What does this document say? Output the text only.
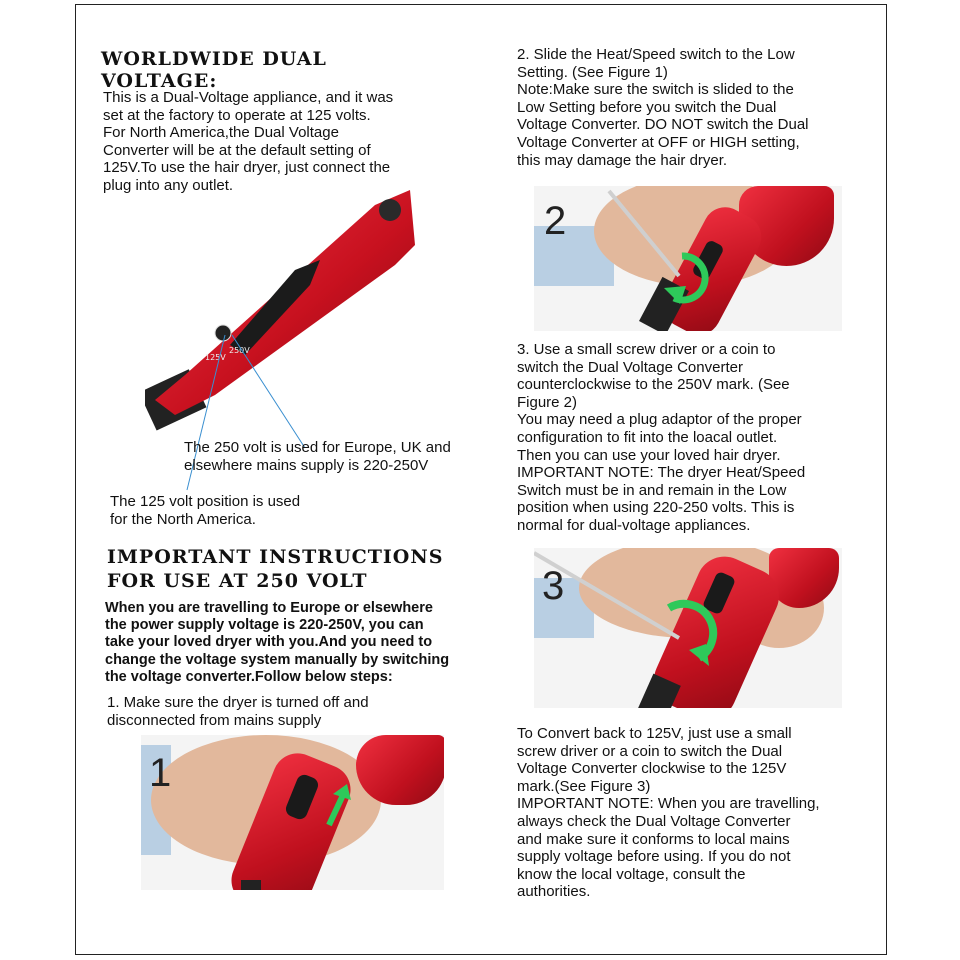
WORLDWIDE DUAL
VOLTAGE:
This is a Dual-Voltage appliance, and it was
set at the factory to operate at 125 volts.
For North America,the Dual Voltage
Converter will be at the default setting of
125V.To use the hair dryer, just connect the
plug into any outlet.
250V
125V
The 250 volt is used for Europe, UK and
elsewhere mains supply is 220-250V
The 125 volt position is used
for the North America.
IMPORTANT INSTRUCTIONS
FOR USE AT 250 VOLT
When you are travelling to Europe or elsewhere
the power supply voltage is 220-250V, you can
take your loved dryer with you.And you need to
change the voltage system manually by switching
the voltage converter.Follow below steps:
1. Make sure the dryer is turned off and
disconnected from mains supply
1
2. Slide the Heat/Speed switch to the Low
Setting. (See Figure 1)
Note:Make sure the switch is slided to the
Low Setting before you switch the Dual
Voltage Converter. DO NOT switch the Dual
Voltage Converter at OFF or HIGH setting,
this may damage the hair dryer.
2
3. Use a small screw driver or a coin to
switch the Dual Voltage Converter
counterclockwise to the 250V mark. (See
Figure 2)
You may need a plug adaptor of the proper
configuration to fit into the loacal outlet.
Then you can use your loved hair dryer.
IMPORTANT NOTE: The dryer Heat/Speed
Switch must be in and remain in the Low
position when using 220-250 volts. This is
normal for dual-voltage appliances.
3
To Convert back to 125V, just use a small
screw driver or a coin to switch the Dual
Voltage Converter clockwise to the 125V
mark.(See Figure 3)
IMPORTANT NOTE: When you are travelling,
always check the Dual Voltage Converter
and make sure it conforms to local mains
supply voltage before using. If you do not
know the local voltage, consult the
authorities.
